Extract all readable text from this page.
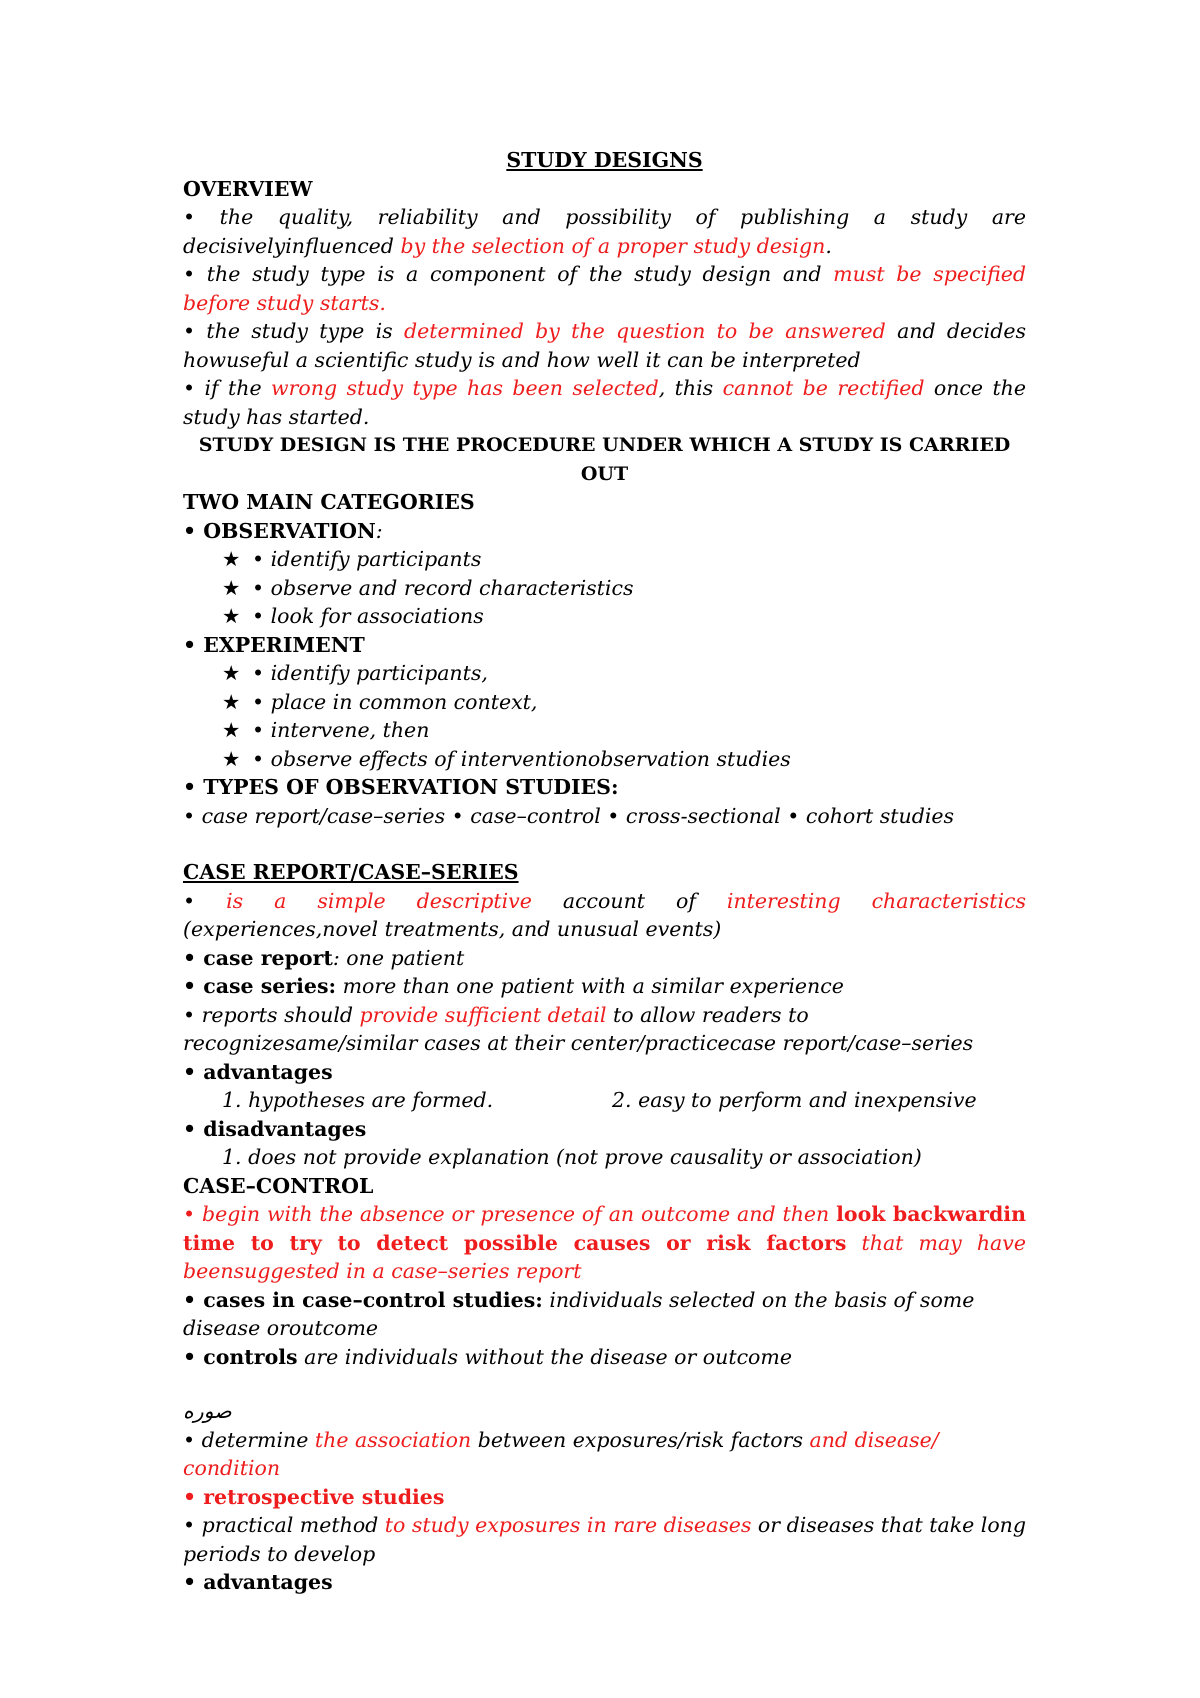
STUDY DESIGNS

OVERVIEW

• the quality, reliability and possibility of publishing a study are decisivelyinfluenced by the selection of a proper study design.

• the study type is a component of the study design and must be specified before study starts.

• the study type is determined by the question to be answered and decides howuseful a scientific study is and how well it can be interpreted

• if the wrong study type has been selected, this cannot be rectified once the study has started.

STUDY DESIGN IS THE PROCEDURE UNDER WHICH A STUDY IS CARRIED OUT

TWO MAIN CATEGORIES

• OBSERVATION:

★ • identify participants

★ • observe and record characteristics

★ • look for associations

• EXPERIMENT

★ • identify participants,

★ • place in common context,

★ • intervene, then

★ • observe effects of interventionobservation studies

• TYPES OF OBSERVATION STUDIES:

• case report/case–series • case–control • cross-sectional • cohort studies

CASE REPORT/CASE–SERIES

• is a simple descriptive account of interesting characteristics (experiences,novel treatments, and unusual events)

• case report: one patient

• case series: more than one patient with a similar experience

• reports should provide sufficient detail to allow readers to recognizesame/similar cases at their center/practicecase report/case–series

• advantages

1. hypotheses are formed.	2. easy to perform and inexpensive

• disadvantages

1. does not provide explanation (not prove causality or association)

CASE–CONTROL

• begin with the absence or presence of an outcome and then look backwardin time to try to detect possible causes or risk factors that may have beensuggested in a case–series report

• cases in case–control studies: individuals selected on the basis of some disease oroutcome

• controls are individuals without the disease or outcome

صوره

• determine the association between exposures/risk factors and disease/ condition

• retrospective studies

• practical method to study exposures in rare diseases or diseases that take long periods to develop

• advantages
